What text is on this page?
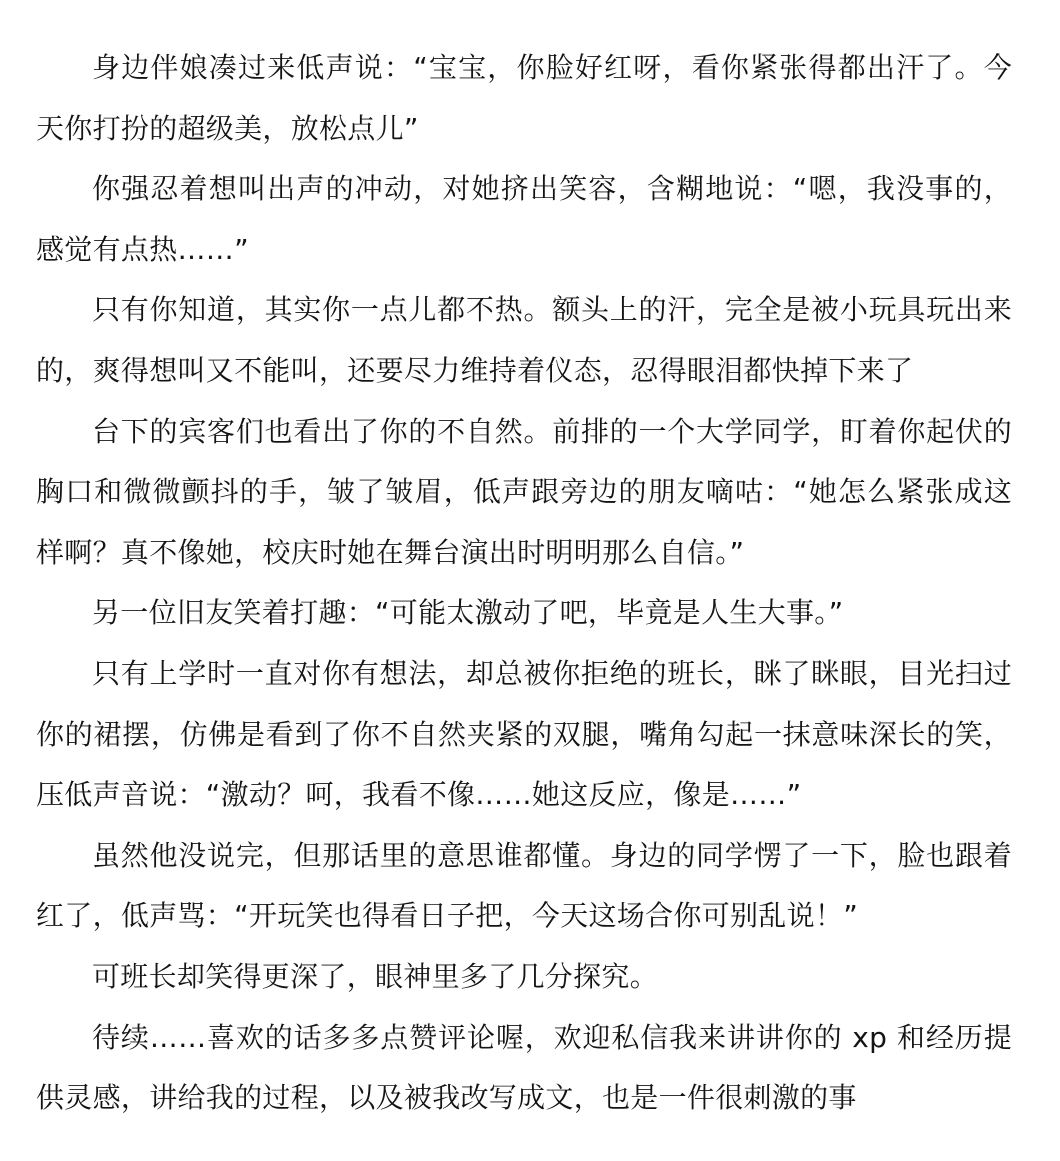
身边伴娘凑过来低声说：“宝宝，你脸好红呀，看你紧张得都出汗了。今天你打扮的超级美，放松点儿”

你强忍着想叫出声的冲动，对她挤出笑容，含糊地说：“嗯，我没事的，感觉有点热……”

只有你知道，其实你一点儿都不热。额头上的汗，完全是被小玩具玩出来的，爽得想叫又不能叫，还要尽力维持着仪态，忍得眼泪都快掉下来了

台下的宾客们也看出了你的不自然。前排的一个大学同学，盯着你起伏的胸口和微微颤抖的手，皱了皱眉，低声跟旁边的朋友嘀咕：“她怎么紧张成这样啊？真不像她，校庆时她在舞台演出时明明那么自信。”

另一位旧友笑着打趣：“可能太激动了吧，毕竟是人生大事。”

只有上学时一直对你有想法，却总被你拒绝的班长，眯了眯眼，目光扫过你的裙摆，仿佛是看到了你不自然夹紧的双腿，嘴角勾起一抹意味深长的笑，压低声音说：“激动？呵，我看不像……她这反应，像是……”

虽然他没说完，但那话里的意思谁都懂。身边的同学愣了一下，脸也跟着红了，低声骂：“开玩笑也得看日子把，今天这场合你可别乱说！”

可班长却笑得更深了，眼神里多了几分探究。

待续……喜欢的话多多点赞评论喔，欢迎私信我来讲讲你的 xp 和经历提供灵感，讲给我的过程，以及被我改写成文，也是一件很刺激的事
